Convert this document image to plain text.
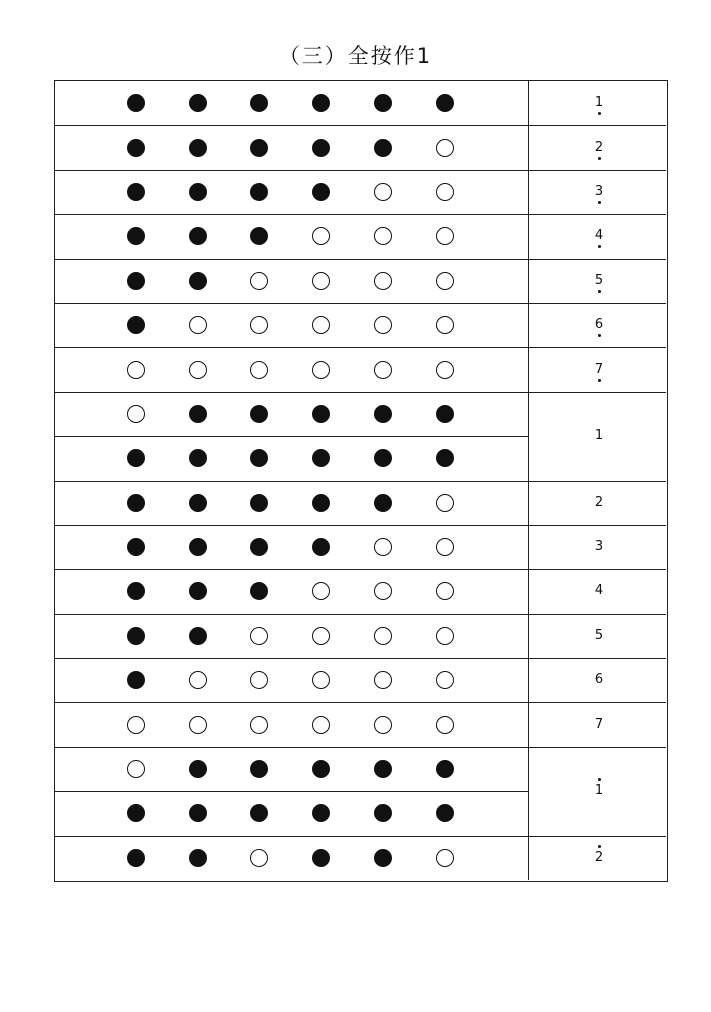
（三）全按作1
1
2
3
4
5
6
7
1
2
3
4
5
6
7
1
2
